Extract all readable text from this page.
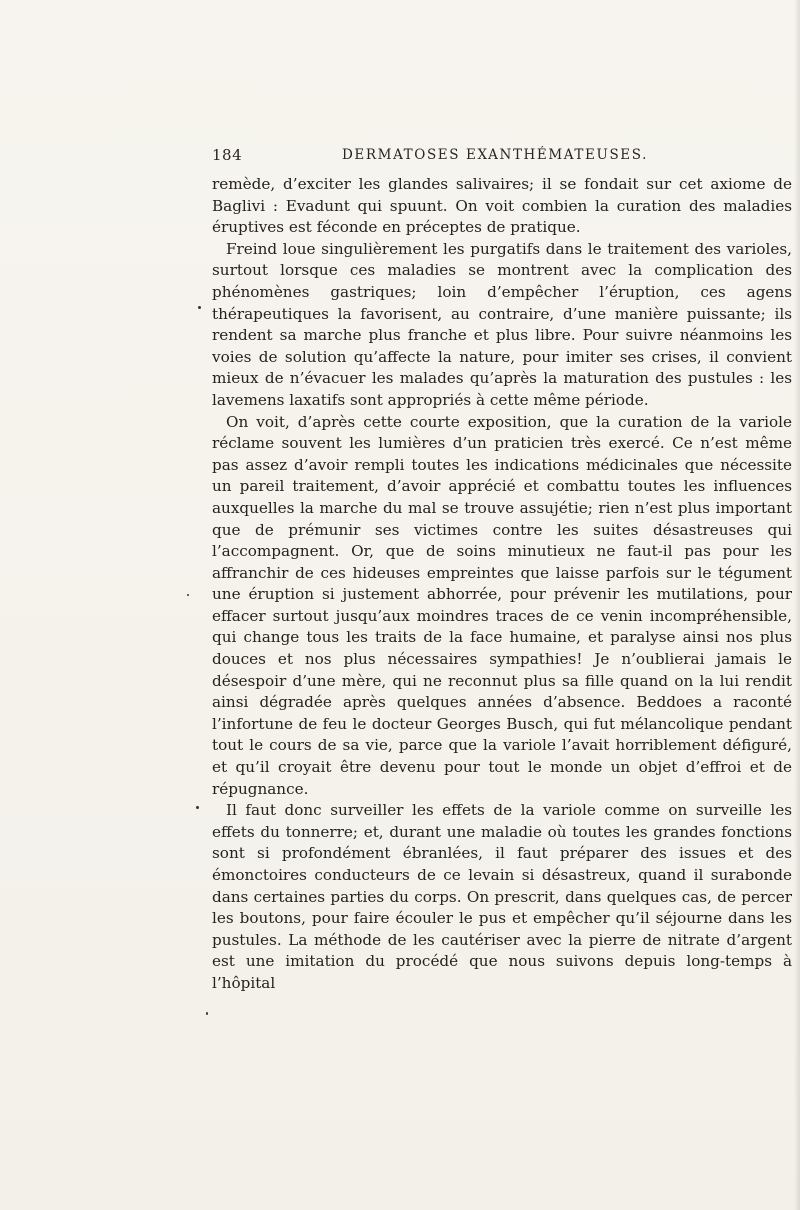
184	DERMATOSES EXANTHÉMATEUSES.

remède, d’exciter les glandes salivaires; il se fondait sur cet axiome de Baglivi : Evadunt qui spuunt. On voit combien la curation des maladies éruptives est féconde en préceptes de pratique.

Freind loue singulièrement les purgatifs dans le traitement des varioles, surtout lorsque ces maladies se montrent avec la complication des phénomènes gastriques; loin d’empêcher l’éruption, ces agens thérapeutiques la favorisent, au contraire, d’une manière puissante; ils rendent sa marche plus franche et plus libre. Pour suivre néanmoins les voies de solution qu’affecte la nature, pour imiter ses crises, il convient mieux de n’évacuer les malades qu’après la maturation des pustules : les lavemens laxatifs sont appropriés à cette même période.

On voit, d’après cette courte exposition, que la curation de la variole réclame souvent les lumières d’un praticien très exercé. Ce n’est même pas assez d’avoir rempli toutes les indications médicinales que nécessite un pareil traitement, d’avoir apprécié et combattu toutes les influences auxquelles la marche du mal se trouve assujétie; rien n’est plus important que de prémunir ses victimes contre les suites désastreuses qui l’accompagnent. Or, que de soins minutieux ne faut-il pas pour les affranchir de ces hideuses empreintes que laisse parfois sur le tégument une éruption si justement abhorrée, pour prévenir les mutilations, pour effacer surtout jusqu’aux moindres traces de ce venin incompréhensible, qui change tous les traits de la face humaine, et paralyse ainsi nos plus douces et nos plus nécessaires sympathies! Je n’oublierai jamais le désespoir d’une mère, qui ne reconnut plus sa fille quand on la lui rendit ainsi dégradée après quelques années d’absence. Beddoes a raconté l’infortune de feu le docteur Georges Busch, qui fut mélancolique pendant tout le cours de sa vie, parce que la variole l’avait horriblement défiguré, et qu’il croyait être devenu pour tout le monde un objet d’effroi et de répugnance.

Il faut donc surveiller les effets de la variole comme on surveille les effets du tonnerre; et, durant une maladie où toutes les grandes fonctions sont si profondément ébranlées, il faut préparer des issues et des émonctoires conducteurs de ce levain si désastreux, quand il surabonde dans certaines parties du corps. On prescrit, dans quelques cas, de percer les boutons, pour faire écouler le pus et empêcher qu’il séjourne dans les pustules. La méthode de les cautériser avec la pierre de nitrate d’argent est une imitation du procédé que nous suivons depuis long-temps à l’hôpital
